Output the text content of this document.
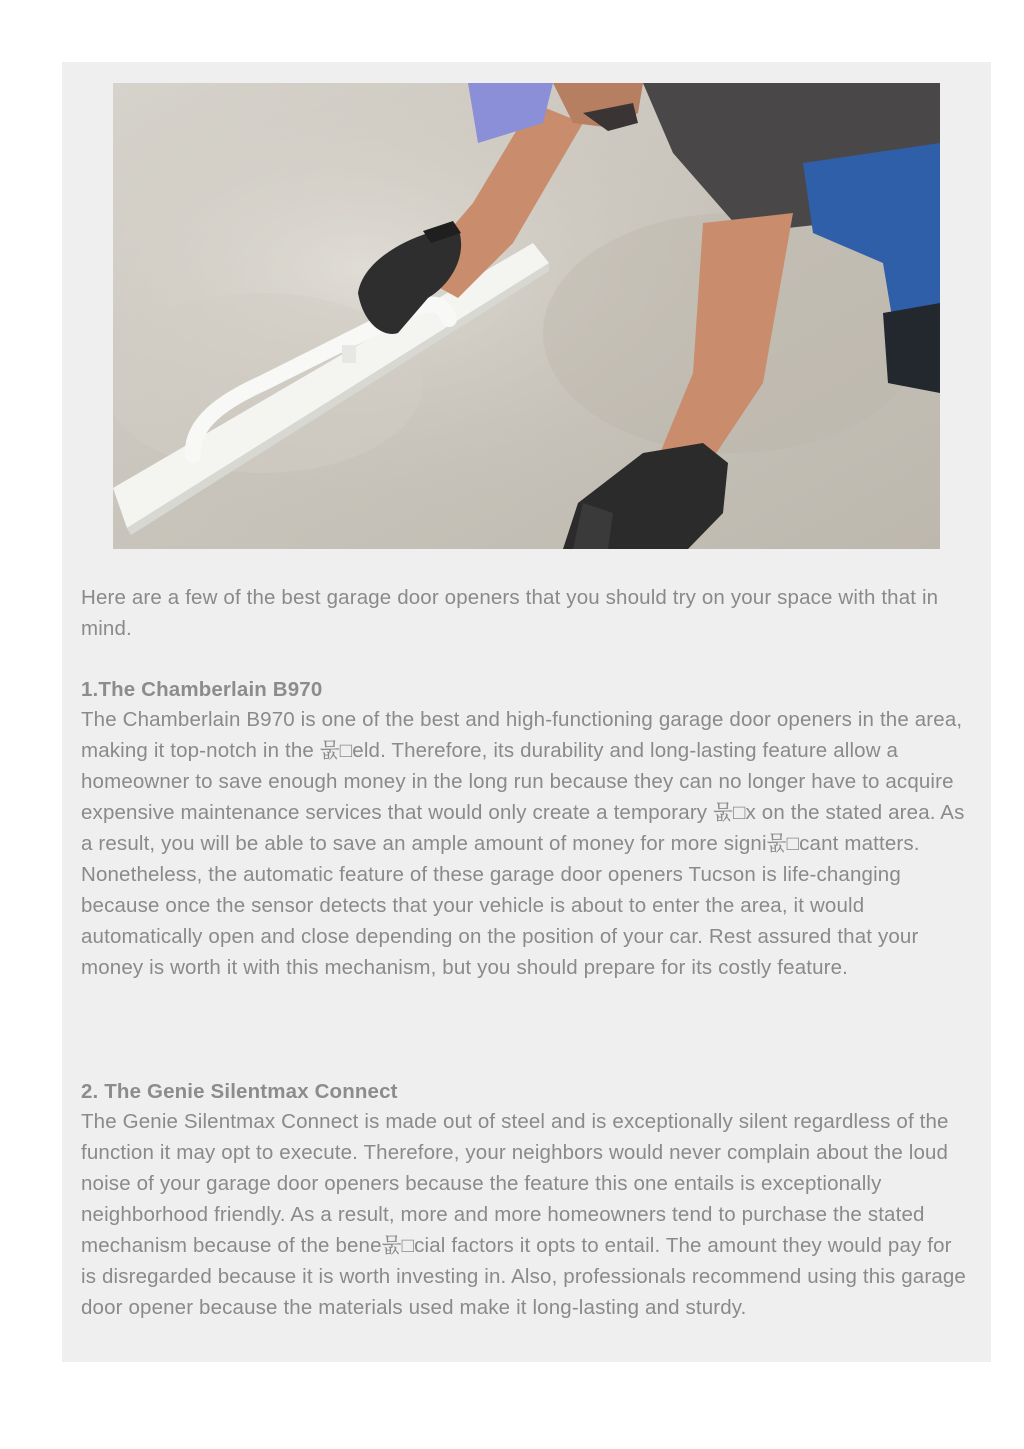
Here are a few of the best garage door openers that you should try on your space with that in mind.

1.The Chamberlain B970

The Chamberlain B970 is one of the best and high-functioning garage door openers in the area, making it top-notch in the 뭆□eld. Therefore, its durability and long-lasting feature allow a homeowner to save enough money in the long run because they can no longer have to acquire expensive maintenance services that would only create a temporary 뭆□x on the stated area. As a result, you will be able to save an ample amount of money for more signi뭆□cant matters. Nonetheless, the automatic feature of these garage door openers Tucson is life-changing because once the sensor detects that your vehicle is about to enter the area, it would automatically open and close depending on the position of your car. Rest assured that your money is worth it with this mechanism, but you should prepare for its costly feature.

2. The Genie Silentmax Connect

The Genie Silentmax Connect is made out of steel and is exceptionally silent regardless of the function it may opt to execute. Therefore, your neighbors would never complain about the loud noise of your garage door openers because the feature this one entails is exceptionally neighborhood friendly. As a result, more and more homeowners tend to purchase the stated mechanism because of the bene뭆□cial factors it opts to entail. The amount they would pay for is disregarded because it is worth investing in. Also, professionals recommend using this garage door opener because the materials used make it long-lasting and sturdy.
